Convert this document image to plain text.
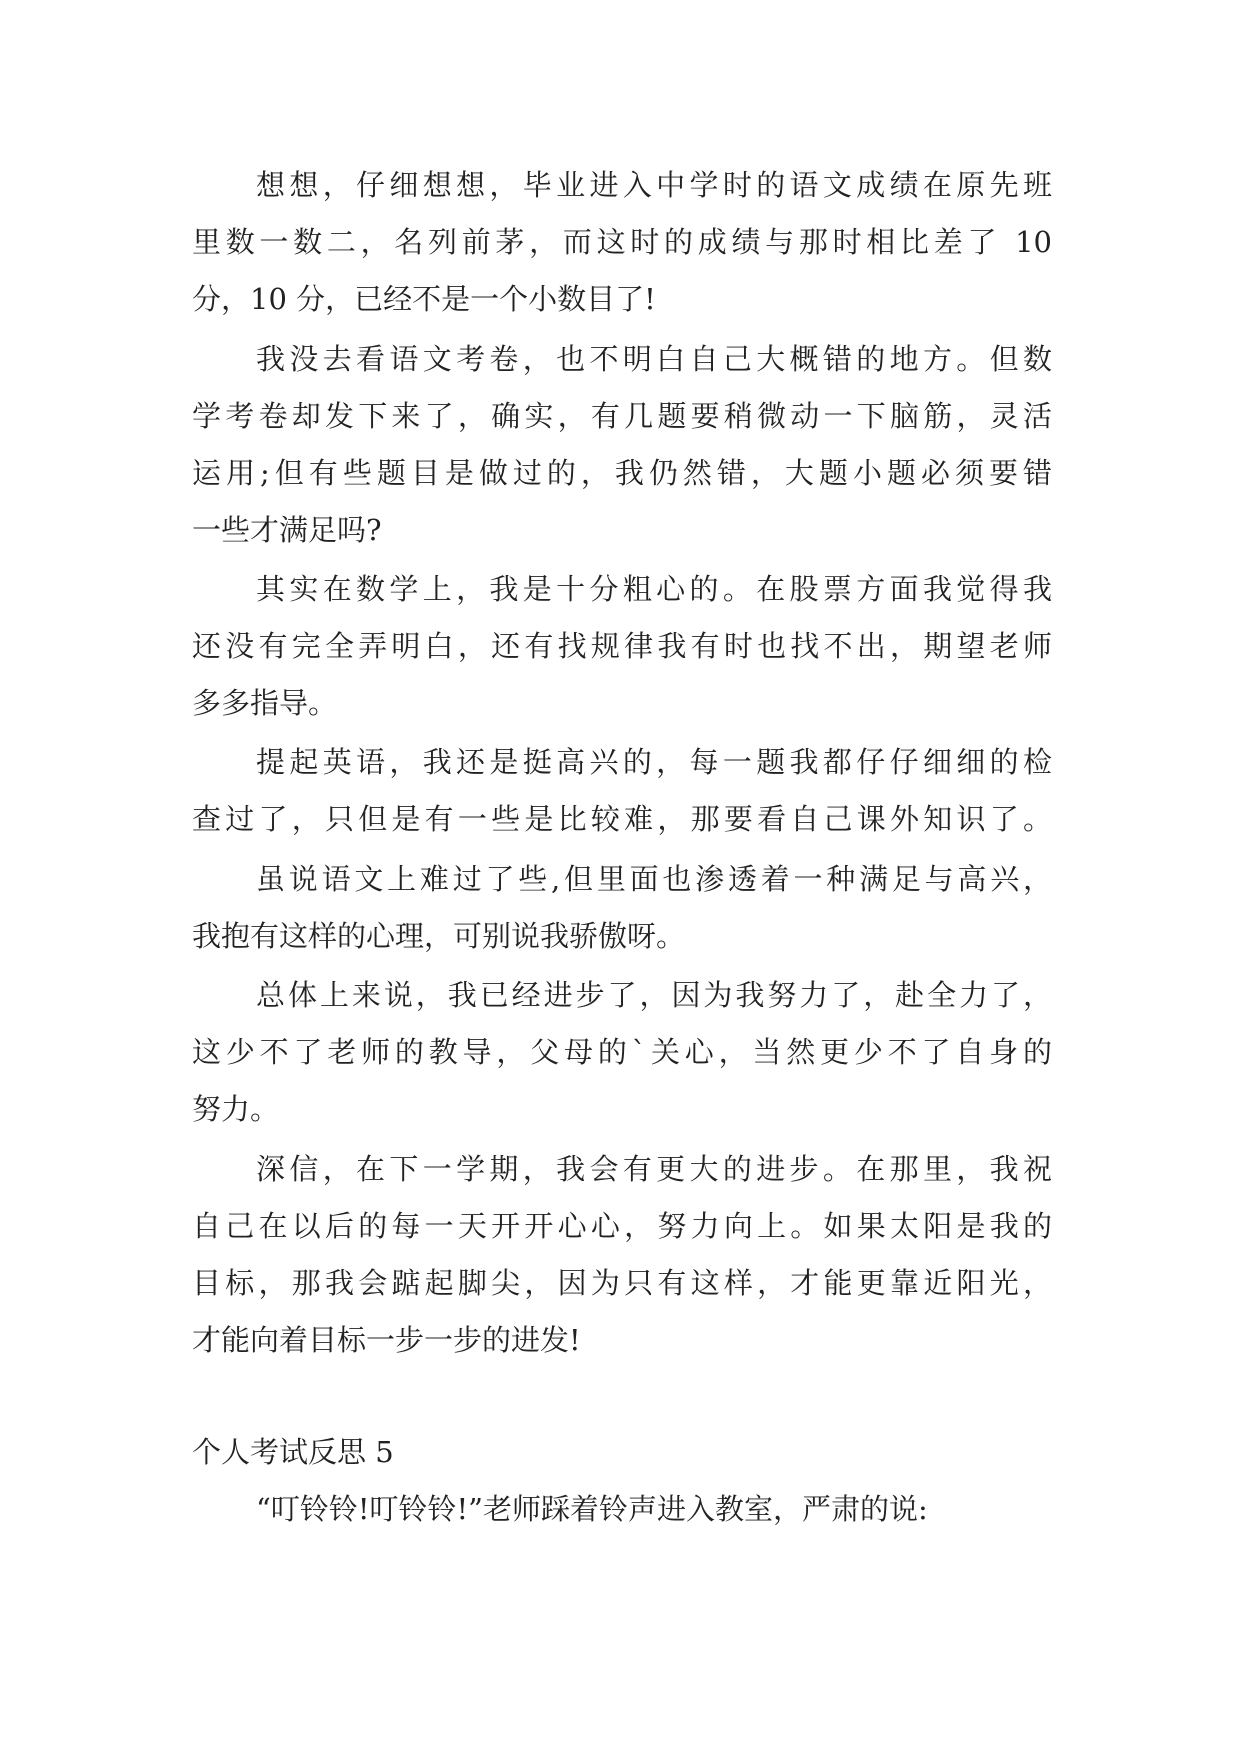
想想，仔细想想，毕业进入中学时的语文成绩在原先班

里数一数二，名列前茅，而这时的成绩与那时相比差了 10

分，10 分，已经不是一个小数目了!

我没去看语文考卷，也不明白自己大概错的地方。但数

学考卷却发下来了，确实，有几题要稍微动一下脑筋，灵活

运用;但有些题目是做过的，我仍然错，大题小题必须要错

一些才满足吗?

其实在数学上，我是十分粗心的。在股票方面我觉得我

还没有完全弄明白，还有找规律我有时也找不出，期望老师

多多指导。

提起英语，我还是挺高兴的，每一题我都仔仔细细的检

查过了，只但是有一些是比较难，那要看自己课外知识了。

虽说语文上难过了些,但里面也渗透着一种满足与高兴，

我抱有这样的心理，可别说我骄傲呀。

总体上来说，我已经进步了，因为我努力了，赴全力了，

这少不了老师的教导，父母的`关心，当然更少不了自身的

努力。

深信，在下一学期，我会有更大的进步。在那里，我祝

自己在以后的每一天开开心心，努力向上。如果太阳是我的

目标，那我会踮起脚尖，因为只有这样，才能更靠近阳光，

才能向着目标一步一步的进发!

个人考试反思 5

“叮铃铃!叮铃铃!”老师踩着铃声进入教室，严肃的说:
